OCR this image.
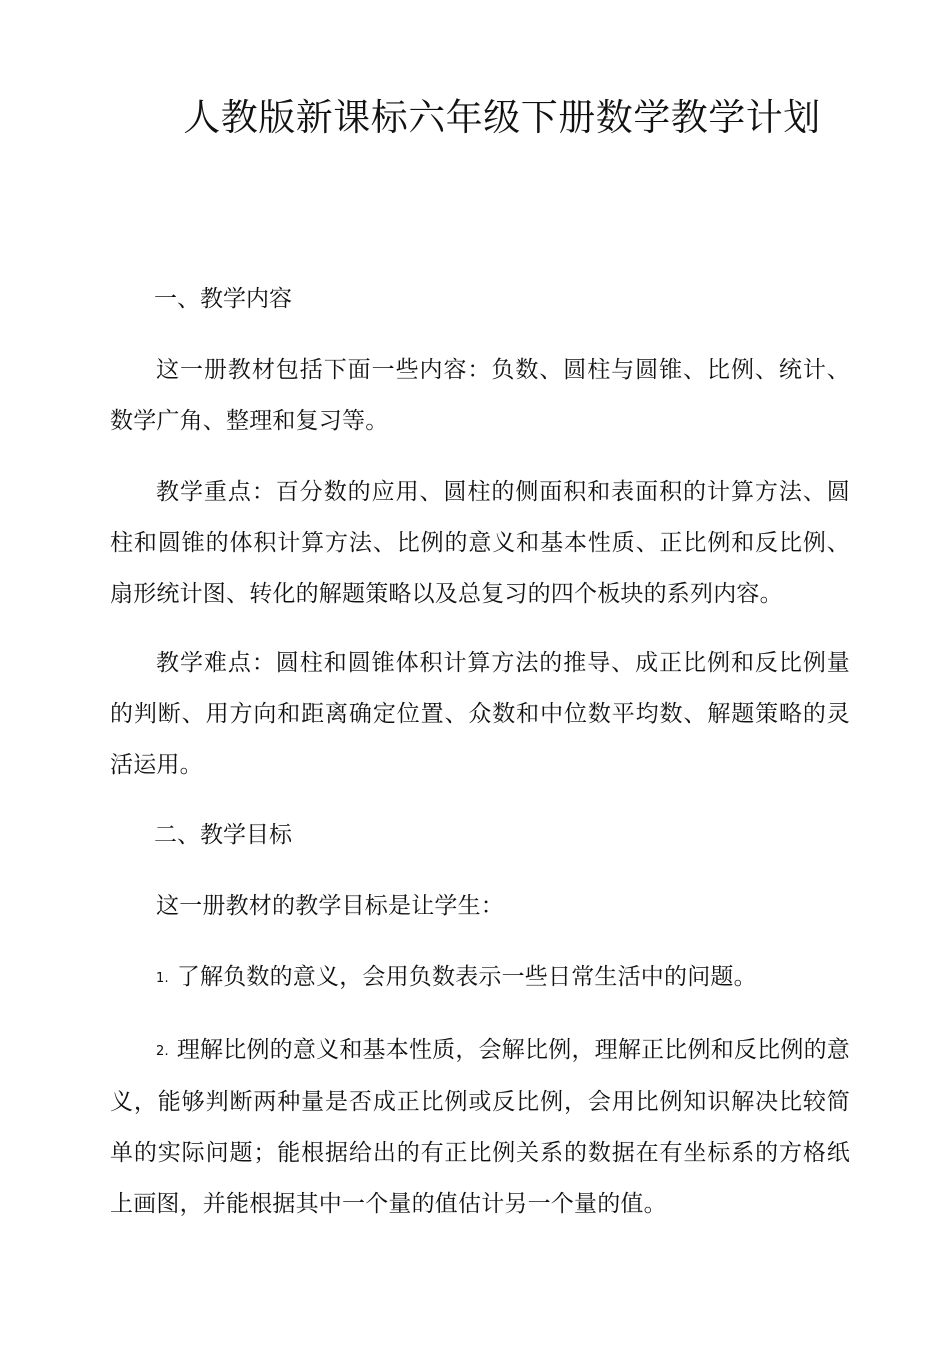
人教版新课标六年级下册数学教学计划
一、教学内容
这一册教材包括下面一些内容：负数、圆柱与圆锥、比例、统计、数学广角、整理和复习等。
教学重点：百分数的应用、圆柱的侧面积和表面积的计算方法、圆柱和圆锥的体积计算方法、比例的意义和基本性质、正比例和反比例、扇形统计图、转化的解题策略以及总复习的四个板块的系列内容。
教学难点：圆柱和圆锥体积计算方法的推导、成正比例和反比例量的判断、用方向和距离确定位置、众数和中位数平均数、解题策略的灵活运用。
二、教学目标
这一册教材的教学目标是让学生：
1. 了解负数的意义，会用负数表示一些日常生活中的问题。
2. 理解比例的意义和基本性质，会解比例，理解正比例和反比例的意义，能够判断两种量是否成正比例或反比例，会用比例知识解决比较简单的实际问题；能根据给出的有正比例关系的数据在有坐标系的方格纸上画图，并能根据其中一个量的值估计另一个量的值。
